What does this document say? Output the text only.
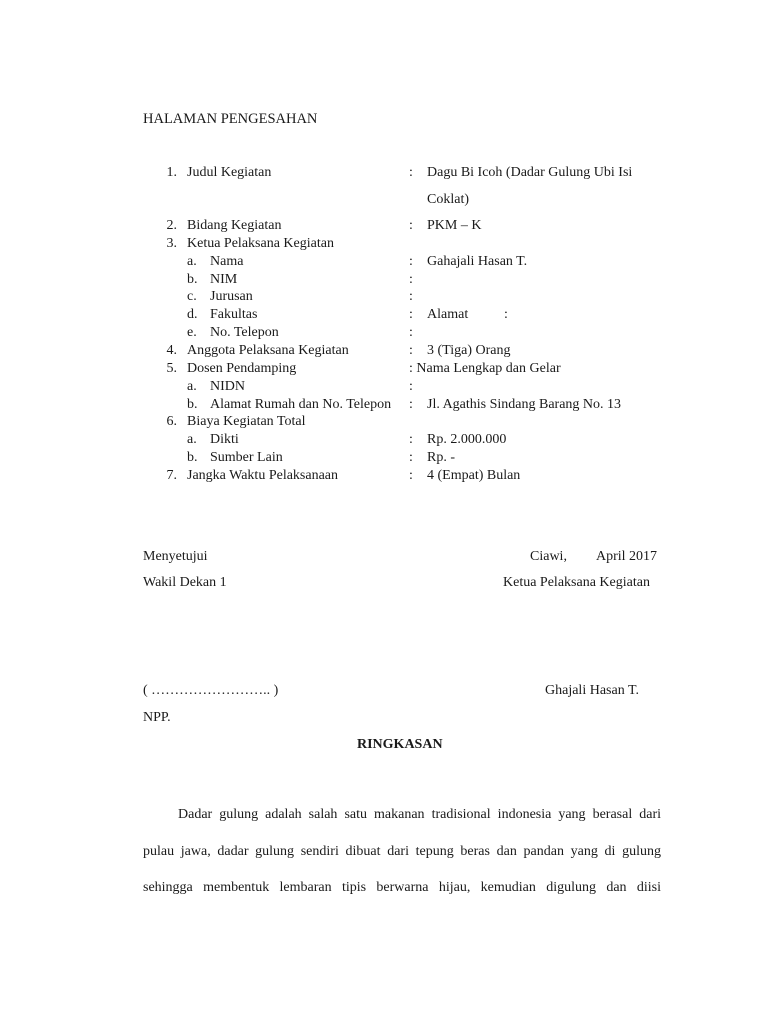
HALAMAN PENGESAHAN
1. Judul Kegiatan	: Dagu Bi Icoh (Dadar Gulung Ubi Isi
Coklat)
2. Bidang Kegiatan	: PKM – K
3. Ketua Pelaksana Kegiatan
a. Nama	: Gahajali Hasan T.
b. NIM	:
c. Jurusan	:
d. Fakultas	: Alamat	:
e. No. Telepon	:
4. Anggota Pelaksana Kegiatan	: 3 (Tiga) Orang
5. Dosen Pendamping	: Nama Lengkap dan Gelar
a. NIDN	:
b. Alamat Rumah dan No. Telepon : Jl. Agathis Sindang Barang No. 13
6. Biaya Kegiatan Total
a. Dikti	: Rp. 2.000.000
b. Sumber Lain	: Rp. -
7. Jangka Waktu Pelaksanaan	: 4 (Empat) Bulan
Menyetujui	Ciawi, April 2017
Wakil Dekan 1	Ketua Pelaksana Kegiatan
( …………………….. )	Ghajali Hasan T.
NPP.
RINGKASAN
Dadar gulung adalah salah satu makanan tradisional indonesia yang berasal dari
pulau jawa, dadar gulung sendiri dibuat dari tepung beras dan pandan yang di gulung
sehingga membentuk lembaran tipis berwarna hijau, kemudian digulung dan diisi
